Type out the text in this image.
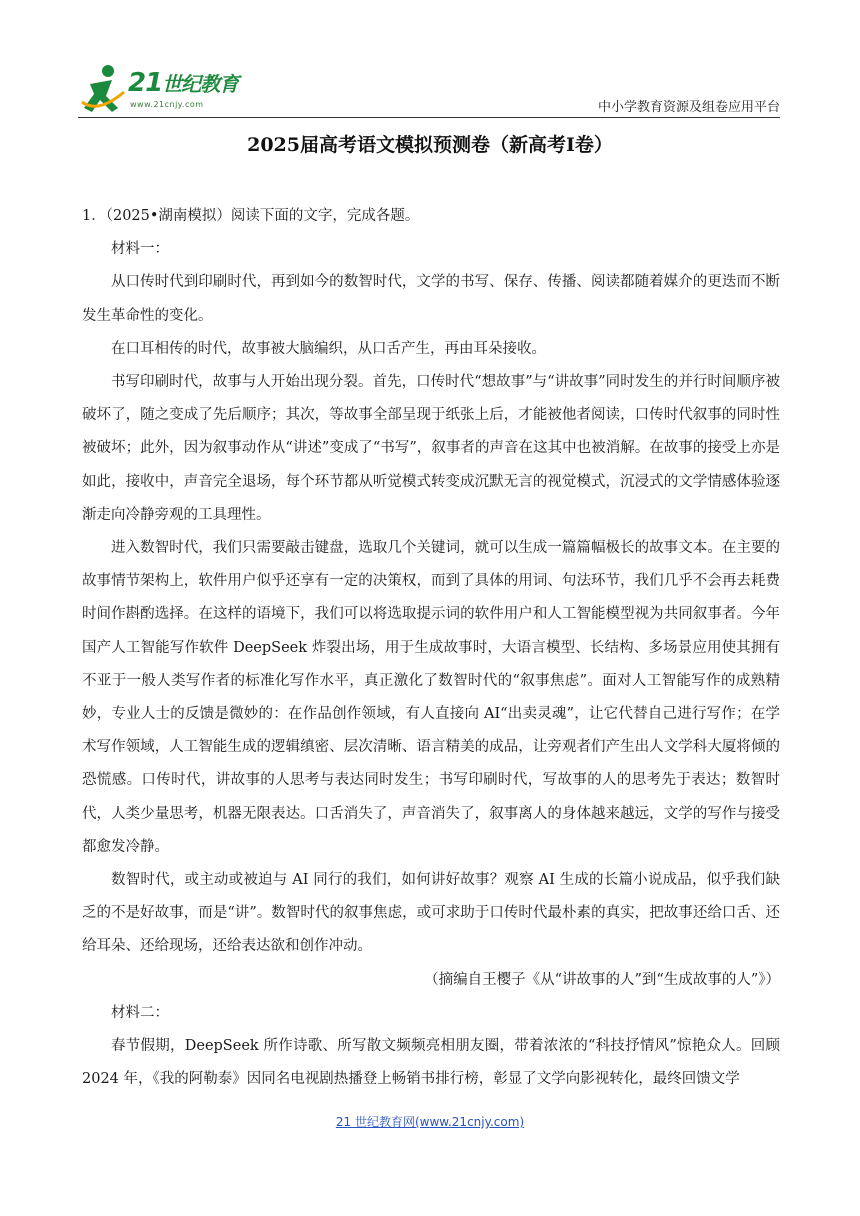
21世纪教育
www.21cnjy.com	中小学教育资源及组卷应用平台
2025届高考语文模拟预测卷（新高考Ⅰ卷）

1．（2025•湖南模拟）阅读下面的文字，完成各题。

材料一：

从口传时代到印刷时代，再到如今的数智时代，文学的书写、保存、传播、阅读都随着媒介的更迭而不断发生革命性的变化。

在口耳相传的时代，故事被大脑编织，从口舌产生，再由耳朵接收。

书写印刷时代，故事与人开始出现分裂。首先，口传时代“想故事”与“讲故事”同时发生的并行时间顺序被破坏了，随之变成了先后顺序；其次，等故事全部呈现于纸张上后，才能被他者阅读，口传时代叙事的同时性被破坏；此外，因为叙事动作从“讲述”变成了“书写”，叙事者的声音在这其中也被消解。在故事的接受上亦是如此，接收中，声音完全退场，每个环节都从听觉模式转变成沉默无言的视觉模式，沉浸式的文学情感体验逐渐走向冷静旁观的工具理性。

进入数智时代，我们只需要敲击键盘，选取几个关键词，就可以生成一篇篇幅极长的故事文本。在主要的故事情节架构上，软件用户似乎还享有一定的决策权，而到了具体的用词、句法环节，我们几乎不会再去耗费时间作斟酌选择。在这样的语境下，我们可以将选取提示词的软件用户和人工智能模型视为共同叙事者。今年国产人工智能写作软件 DeepSeek 炸裂出场，用于生成故事时，大语言模型、长结构、多场景应用使其拥有不亚于一般人类写作者的标准化写作水平，真正激化了数智时代的“叙事焦虑”。面对人工智能写作的成熟精妙，专业人士的反馈是微妙的：在作品创作领域，有人直接向 AI“出卖灵魂”，让它代替自己进行写作；在学术写作领域，人工智能生成的逻辑缜密、层次清晰、语言精美的成品，让旁观者们产生出人文学科大厦将倾的恐慌感。口传时代，讲故事的人思考与表达同时发生；书写印刷时代，写故事的人的思考先于表达；数智时代，人类少量思考，机器无限表达。口舌消失了，声音消失了，叙事离人的身体越来越远，文学的写作与接受都愈发冷静。

数智时代，或主动或被迫与 AI 同行的我们，如何讲好故事？观察 AI 生成的长篇小说成品，似乎我们缺乏的不是好故事，而是“讲”。数智时代的叙事焦虑，或可求助于口传时代最朴素的真实，把故事还给口舌、还给耳朵、还给现场，还给表达欲和创作冲动。

（摘编自王樱子《从“讲故事的人”到“生成故事的人”》）

材料二：

春节假期，DeepSeek 所作诗歌、所写散文频频亮相朋友圈，带着浓浓的“科技抒情风”惊艳众人。回顾 2024 年，《我的阿勒泰》因同名电视剧热播登上畅销书排行榜，彰显了文学向影视转化，最终回馈文学

21 世纪教育网(www.21cnjy.com)
